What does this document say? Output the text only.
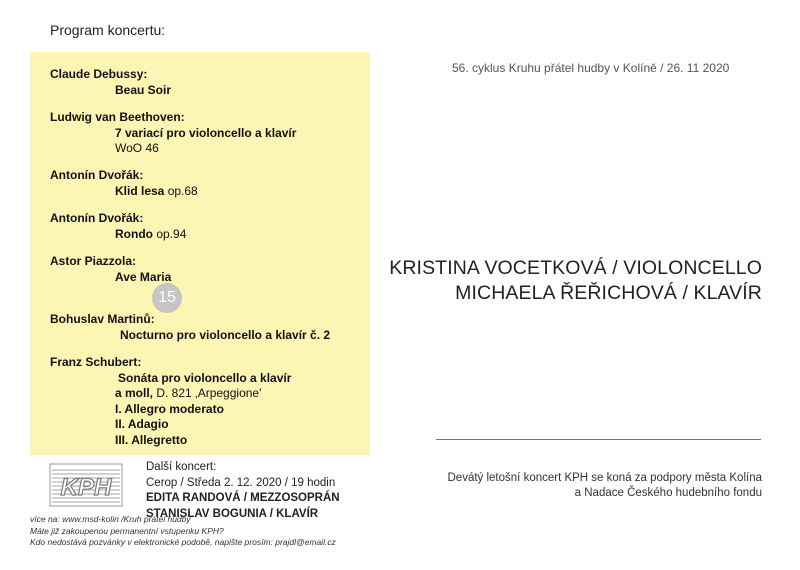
Program koncertu:
Claude Debussy:
Beau Soir
Ludwig van Beethoven:
7 variací pro violoncello a klavír
WoO 46
Antonín Dvořák:
Klid lesa op.68
Antonín Dvořák:
Rondo op.94
Astor Piazzola:
Ave Maria
15
Bohuslav Martinů:
Nocturno pro violoncello a klavír č. 2
Franz Schubert:
Sonáta pro violoncello a klavír
a moll, D. 821 ‚Arpeggione'
I. Allegro moderato
II. Adagio
III. Allegretto
KPH
Další koncert:
Cerop / Středa 2. 12. 2020 / 19 hodin
EDITA RANDOVÁ / MEZZOSOPRÁN
STANISLAV BOGUNIA / KLAVÍR
více na: www.msd-kolin /Kruh přátel hudby
Máte již zakoupenou permanentní vstupenku KPH?
Kdo nedostává pozvánky v elektronické podobě, napište prosím: prajdl@email.cz
56. cyklus Kruhu přátel hudby v Kolíně / 26. 11 2020
KRISTINA VOCETKOVÁ / VIOLONCELLO
MICHAELA ŘEŘICHOVÁ / KLAVÍR
Devátý letošní koncert KPH se koná za podpory města Kolína
a Nadace Českého hudebního fondu
